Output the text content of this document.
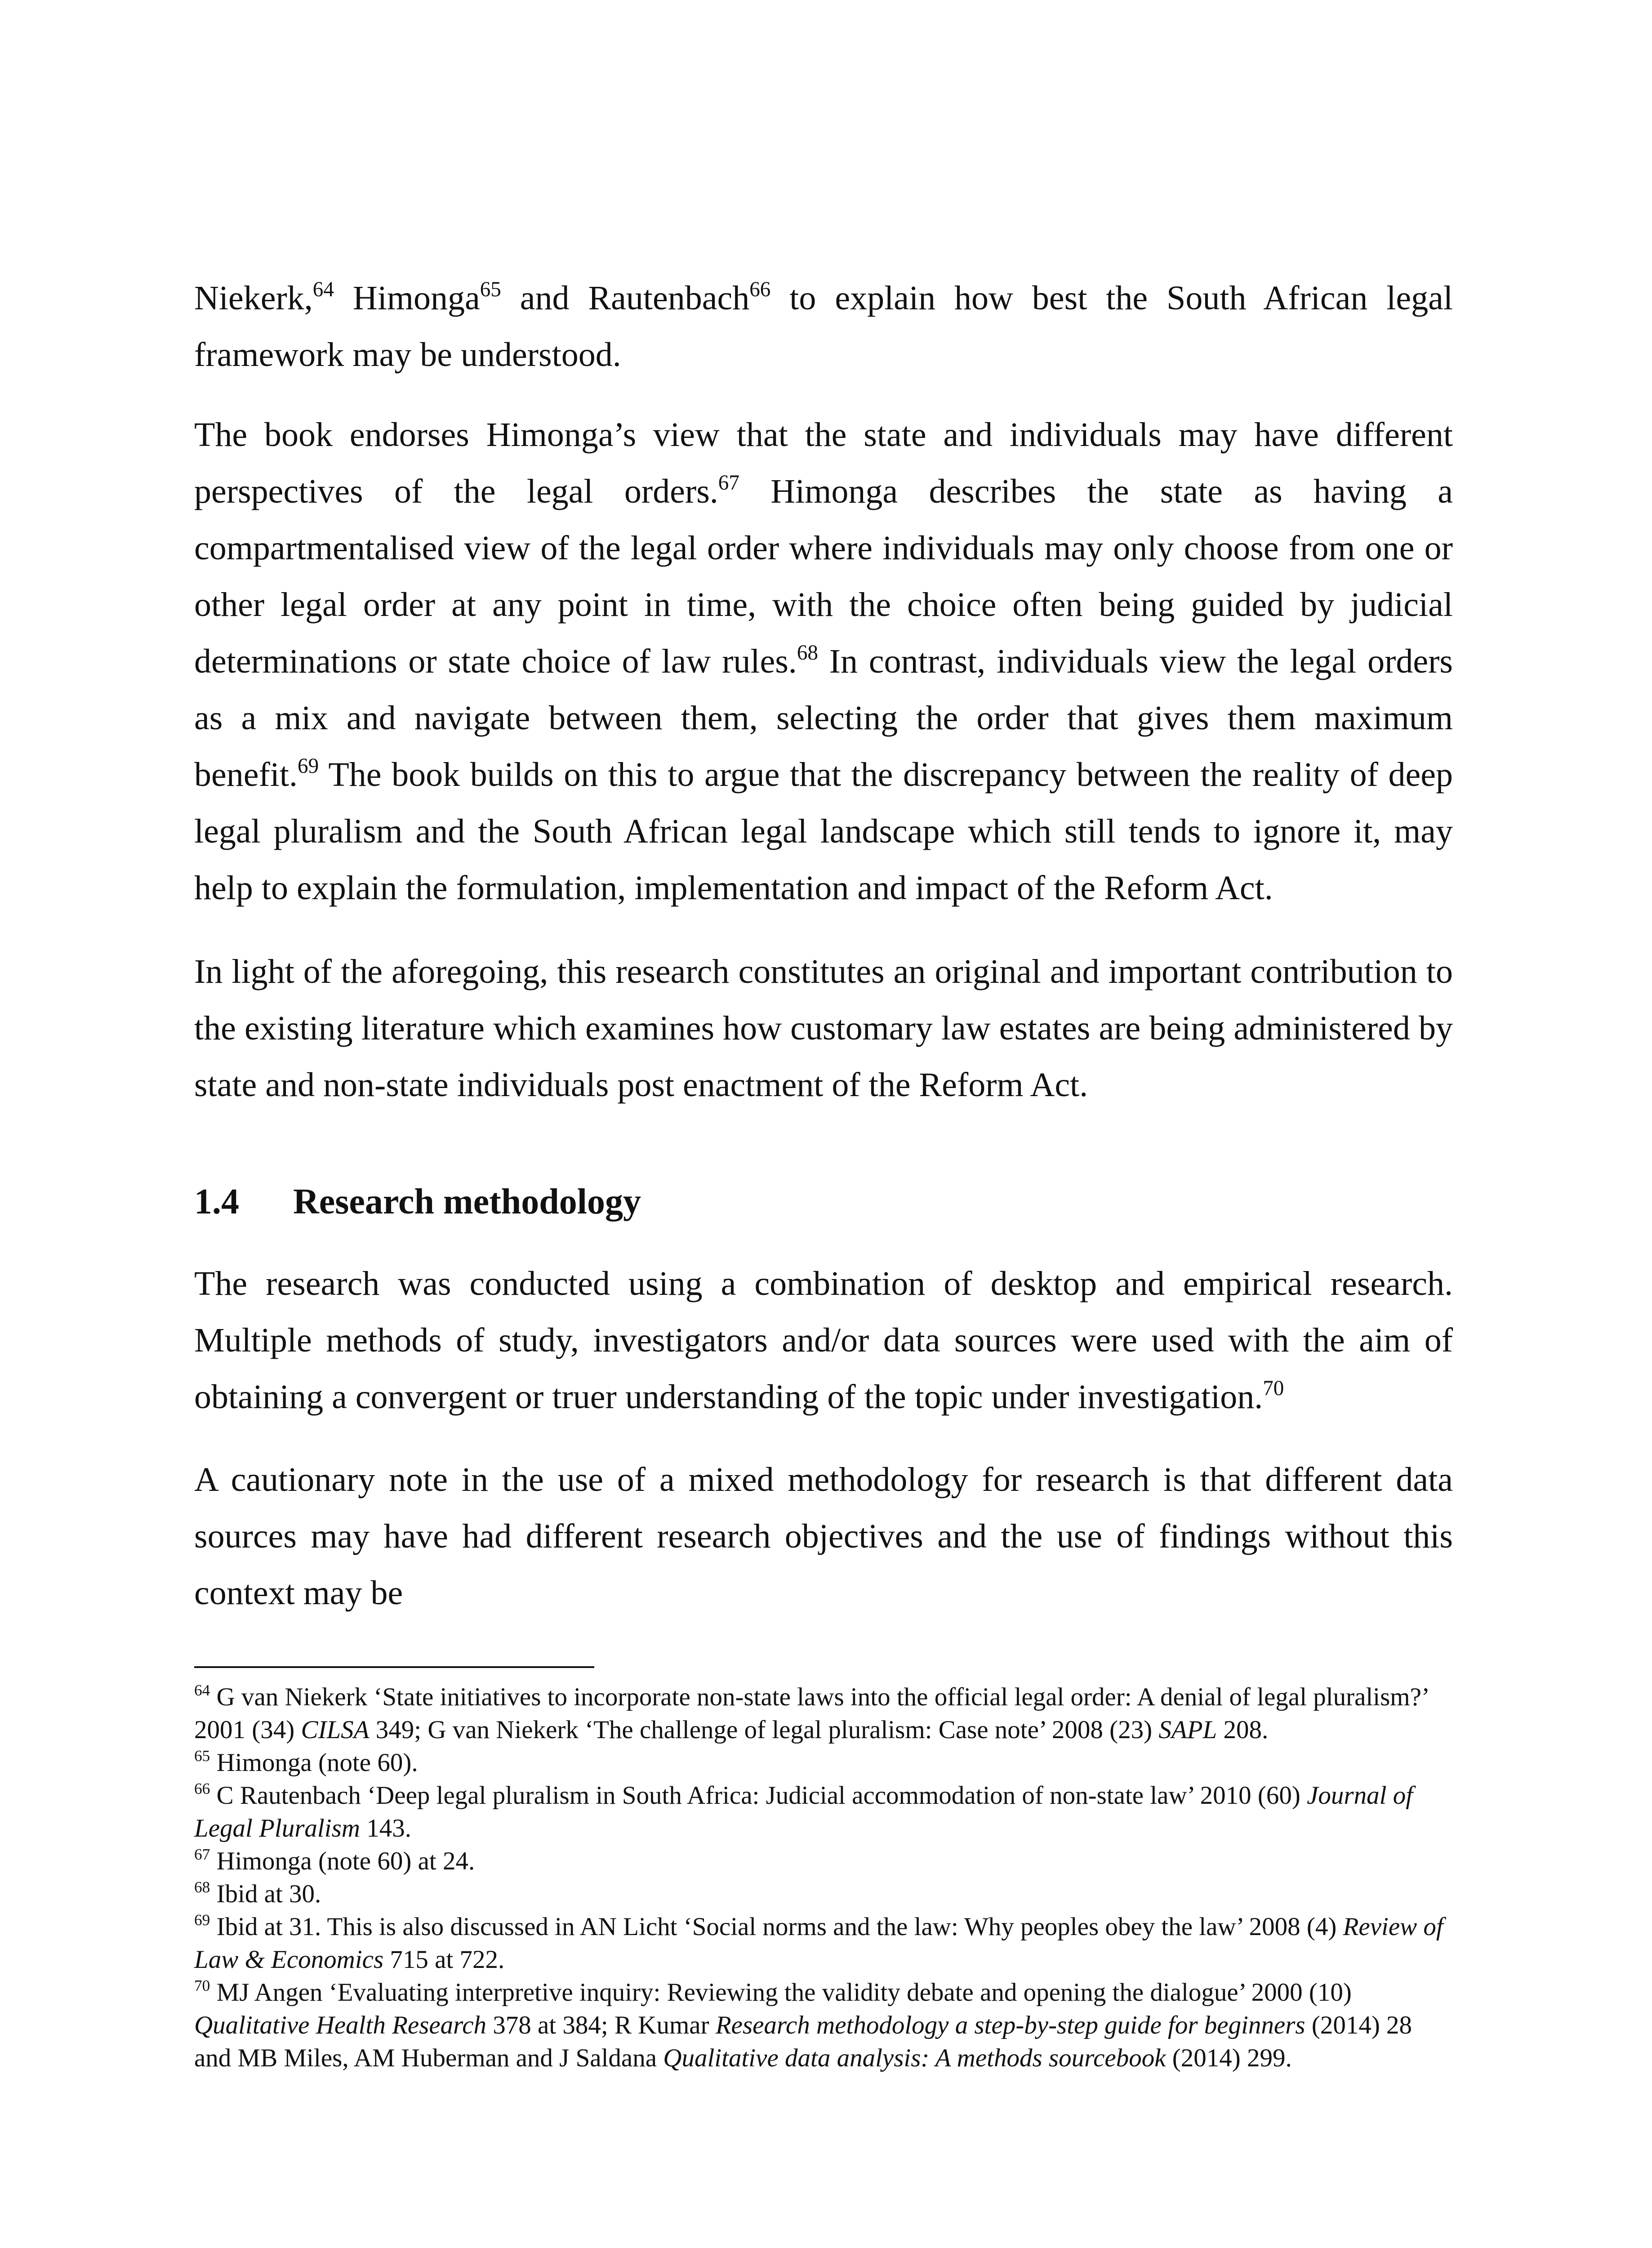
Niekerk,$^{64}$ Himonga$^{65}$ and Rautenbach$^{66}$ to explain how best the South African legal framework may be understood.

The book endorses Himonga’s view that the state and individuals may have different perspectives of the legal orders.$^{67}$ Himonga describes the state as having a compartmentalised view of the legal order where individuals may only choose from one or other legal order at any point in time, with the choice often being guided by judicial determinations or state choice of law rules.$^{68}$ In contrast, individuals view the legal orders as a mix and navigate between them, selecting the order that gives them maximum benefit.$^{69}$ The book builds on this to argue that the discrepancy between the reality of deep legal pluralism and the South African legal landscape which still tends to ignore it, may help to explain the formulation, implementation and impact of the Reform Act.

In light of the aforegoing, this research constitutes an original and important contribution to the existing literature which examines how customary law estates are being administered by state and non-state individuals post enactment of the Reform Act.

1.4 Research methodology

The research was conducted using a combination of desktop and empirical research. Multiple methods of study, investigators and/or data sources were used with the aim of obtaining a convergent or truer understanding of the topic under investigation.$^{70}$

A cautionary note in the use of a mixed methodology for research is that different data sources may have had different research objectives and the use of findings without this context may be

$^{64}$ G van Niekerk ‘State initiatives to incorporate non-state laws into the official legal order: A denial of legal pluralism?’ 2001 (34) CILSA 349; G van Niekerk ‘The challenge of legal pluralism: Case note’ 2008 (23) SAPL 208.

$^{65}$ Himonga (note 60).

$^{66}$ C Rautenbach ‘Deep legal pluralism in South Africa: Judicial accommodation of non-state law’ 2010 (60) Journal of Legal Pluralism 143.

$^{67}$ Himonga (note 60) at 24.

$^{68}$ Ibid at 30.

$^{69}$ Ibid at 31. This is also discussed in AN Licht ‘Social norms and the law: Why peoples obey the law’ 2008 (4) Review of Law & Economics 715 at 722.

$^{70}$ MJ Angen ‘Evaluating interpretive inquiry: Reviewing the validity debate and opening the dialogue’ 2000 (10) Qualitative Health Research 378 at 384; R Kumar Research methodology a step-by-step guide for beginners (2014) 28 and MB Miles, AM Huberman and J Saldana Qualitative data analysis: A methods sourcebook (2014) 299.
